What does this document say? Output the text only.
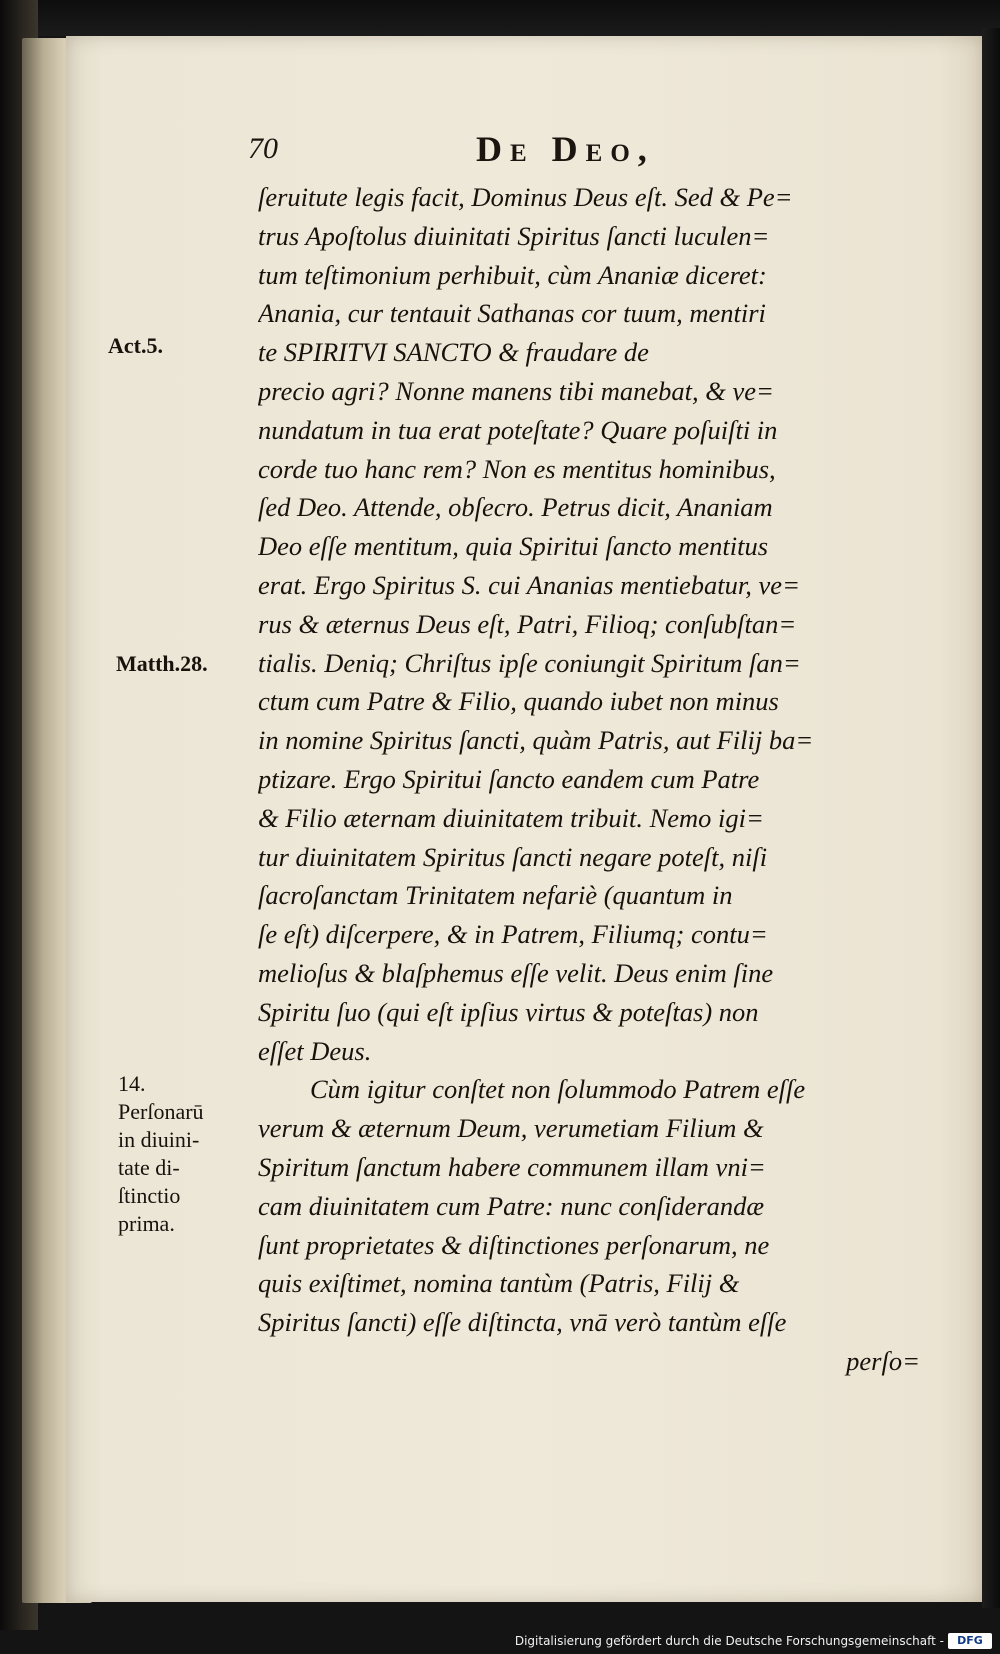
70	De Deo,
Act.5.
Matth.28.
14.
Perſonarū
in diuini-
tate di-
ſtinctio
prima.
ſeruitute legis facit, Dominus Deus eſt. Sed & Pe=
trus Apoſtolus diuinitati Spiritus ſancti luculen=
tum teſtimonium perhibuit, cùm Ananiæ diceret:
Anania, cur tentauit Sathanas cor tuum, mentiri
te SPIRITVI SANCTO & fraudare de
precio agri? Nonne manens tibi manebat, & ve=
nundatum in tua erat poteſtate? Quare poſuiſti in
corde tuo hanc rem? Non es mentitus hominibus,
ſed Deo. Attende, obſecro. Petrus dicit, Ananiam
Deo eſſe mentitum, quia Spiritui ſancto mentitus
erat. Ergo Spiritus S. cui Ananias mentiebatur, ve=
rus & æternus Deus eſt, Patri, Filioq; conſubſtan=
tialis. Deniq; Chriſtus ipſe coniungit Spiritum ſan=
ctum cum Patre & Filio, quando iubet non minus
in nomine Spiritus ſancti, quàm Patris, aut Filij ba=
ptizare. Ergo Spiritui ſancto eandem cum Patre
& Filio æternam diuinitatem tribuit. Nemo igi=
tur diuinitatem Spiritus ſancti negare poteſt, niſi
ſacroſanctam Trinitatem nefariè (quantum in
ſe eſt) diſcerpere, & in Patrem, Filiumq; contu=
melioſus & blaſphemus eſſe velit. Deus enim ſine
Spiritu ſuo (qui eſt ipſius virtus & poteſtas) non
eſſet Deus.
Cùm igitur conſtet non ſolummodo Patrem eſſe
verum & æternum Deum, verumetiam Filium &
Spiritum ſanctum habere communem illam vni=
cam diuinitatem cum Patre: nunc conſiderandæ
ſunt proprietates & diſtinctiones perſonarum, ne
quis exiſtimet, nomina tantùm (Patris, Filij &
Spiritus ſancti) eſſe diſtincta, vnā verò tantùm eſſe
perſo=
Digitalisierung gefördert durch die Deutsche Forschungsgemeinschaft -	DFG
